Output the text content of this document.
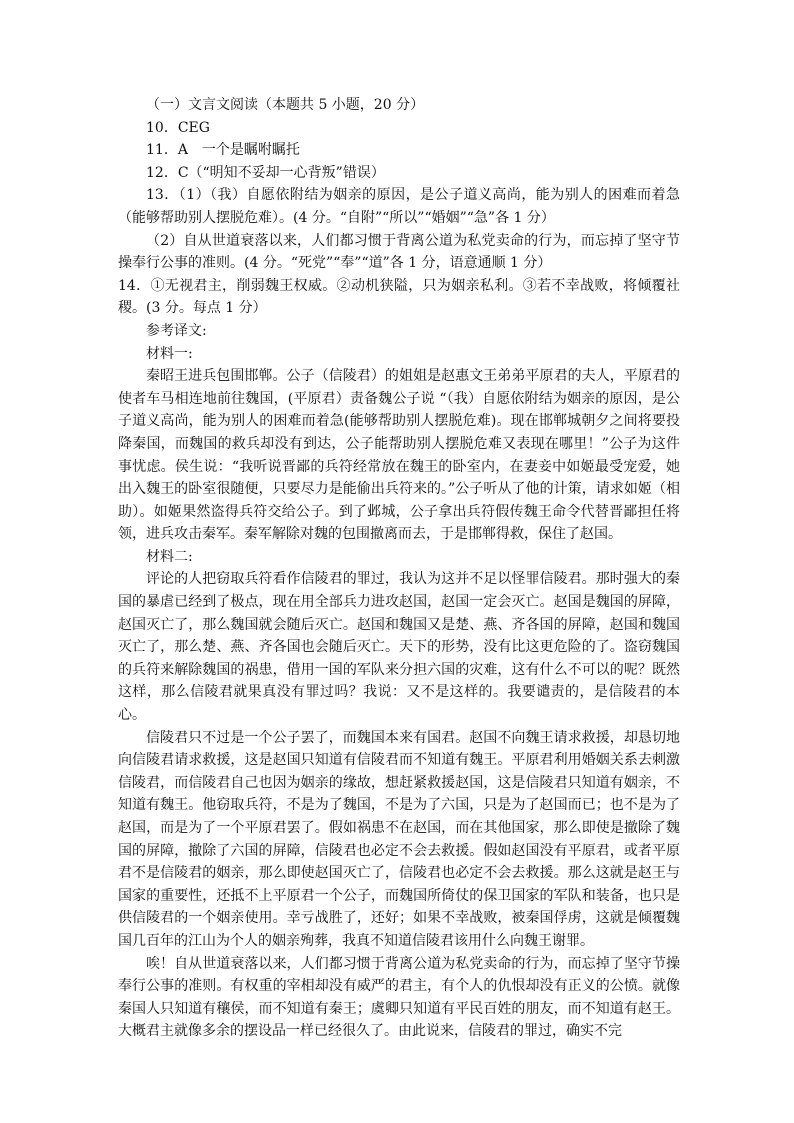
（一）文言文阅读（本题共 5 小题，20 分）

10．CEG

11．A　一个是瞩咐瞩托

12．C（“明知不妥却一心背叛”错误）

13．（1）（我）自愿依附结为姻亲的原因，是公子道义高尚，能为别人的困难而着急（能够帮助别人摆脱危难）。(4 分。“自附”“所以”“婚姻”“急”各 1 分）

（2）自从世道衰落以来，人们都习惯于背离公道为私党卖命的行为，而忘掉了坚守节操奉行公事的准则。(4 分。“死党”“奉”“道”各 1 分，语意通顺 1 分）

14．①无视君主，削弱魏王权威。②动机狭隘，只为姻亲私利。③若不幸战败，将倾覆社稷。(3 分。每点 1 分）

参考译文:

材料一:

秦昭王进兵包围邯郸。公子（信陵君）的姐姐是赵惠文王弟弟平原君的夫人，平原君的使者车马相连地前往魏国，(平原君）责备魏公子说 “（我）自愿依附结为姻亲的原因，是公子道义高尚，能为别人的困难而着急(能够帮助别人摆脱危难)。现在邯郸城朝夕之间将要投降秦国，而魏国的救兵却没有到达，公子能帮助别人摆脱危难又表现在哪里！”公子为这件事忧虑。侯生说：“我听说晋鄙的兵符经常放在魏王的卧室内，在妻妾中如姬最受宠爱，她出入魏王的卧室很随便，只要尽力是能偷出兵符来的。”公子听从了他的计策，请求如姬（相助）。如姬果然盗得兵符交给公子。到了邺城，公子拿出兵符假传魏王命令代替晋鄙担任将领，进兵攻击秦军。秦军解除对魏的包围撤离而去，于是邯郸得救，保住了赵国。

材料二:

评论的人把窃取兵符看作信陵君的罪过，我认为这并不足以怪罪信陵君。那时强大的秦国的暴虐已经到了极点，现在用全部兵力进攻赵国，赵国一定会灭亡。赵国是魏国的屏障，赵国灭亡了，那么魏国就会随后灭亡。赵国和魏国又是楚、燕、齐各国的屏障，赵国和魏国灭亡了，那么楚、燕、齐各国也会随后灭亡。天下的形势，没有比这更危险的了。盗窃魏国的兵符来解除魏国的祸患，借用一国的军队来分担六国的灾难，这有什么不可以的呢？既然这样，那么信陵君就果真没有罪过吗？我说：又不是这样的。我要谴责的，是信陵君的本心。

信陵君只不过是一个公子罢了，而魏国本来有国君。赵国不向魏王请求救援，却恳切地向信陵君请求救援，这是赵国只知道有信陵君而不知道有魏王。平原君利用婚姻关系去刺激信陵君，而信陵君自己也因为姻亲的缘故，想赶紧救援赵国，这是信陵君只知道有姻亲，不知道有魏王。他窃取兵符，不是为了魏国，不是为了六国，只是为了赵国而已；也不是为了赵国，而是为了一个平原君罢了。假如祸患不在赵国，而在其他国家，那么即使是撤除了魏国的屏障，撤除了六国的屏障，信陵君也必定不会去救援。假如赵国没有平原君，或者平原君不是信陵君的姻亲，那么即使赵国灭亡了，信陵君也必定不会去救援。那么这就是赵王与国家的重要性，还抵不上平原君一个公子，而魏国所倚仗的保卫国家的军队和装备，也只是供信陵君的一个姻亲使用。幸亏战胜了，还好；如果不幸战败，被秦国俘虏，这就是倾覆魏国几百年的江山为个人的姻亲殉葬，我真不知道信陵君该用什么向魏王谢罪。

唉！自从世道衰落以来，人们都习惯于背离公道为私党卖命的行为，而忘掉了坚守节操奉行公事的准则。有权重的宰相却没有威严的君主，有个人的仇恨却没有正义的公愤。就像秦国人只知道有穰侯，而不知道有秦王；虞卿只知道有平民百姓的朋友，而不知道有赵王。大概君主就像多余的摆设品一样已经很久了。由此说来，信陵君的罪过，确实不完
